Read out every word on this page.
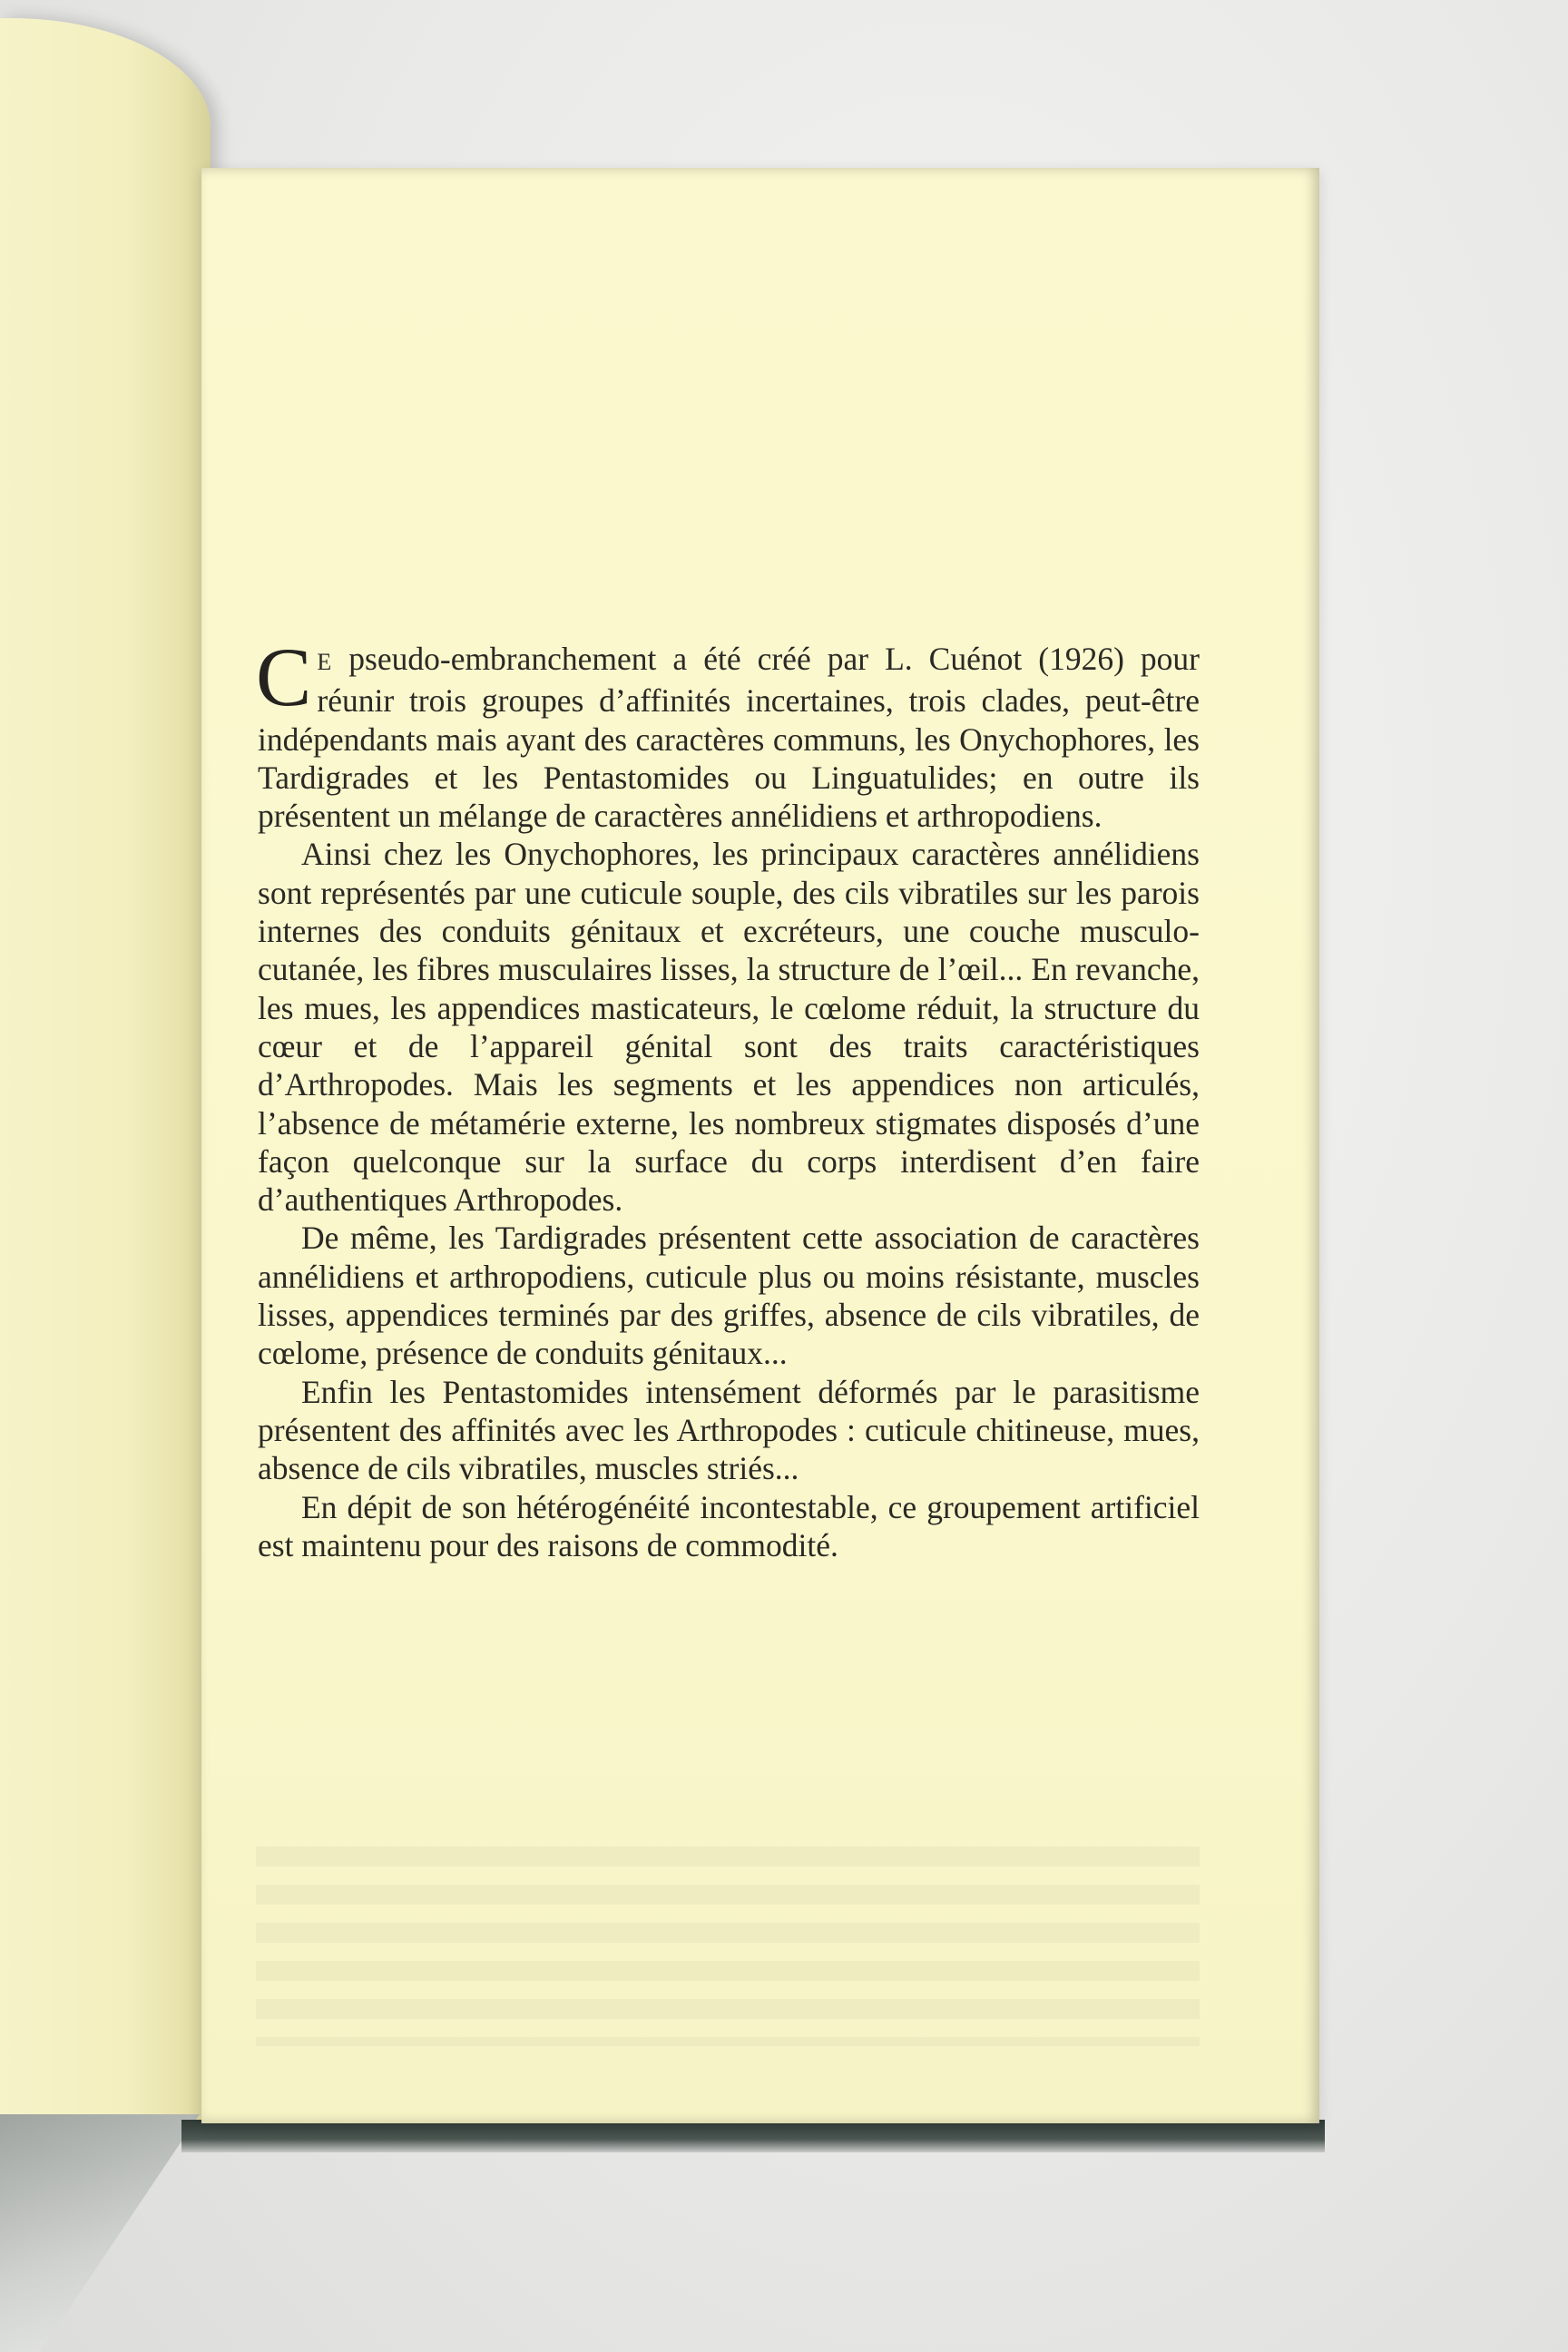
C E pseudo-embranchement a été créé par L. Cuénot (1926) pour réunir trois groupes d’affinités incertaines, trois clades, peut-être indépendants mais ayant des caractères communs, les Onychophores, les Tardigrades et les Pentastomides ou Linguatulides; en outre ils présentent un mélange de caractères annélidiens et arthropodiens.

Ainsi chez les Onychophores, les principaux caractères annélidiens sont représentés par une cuticule souple, des cils vibratiles sur les parois internes des conduits génitaux et excréteurs, une couche musculo-cutanée, les fibres musculaires lisses, la structure de l’œil... En revanche, les mues, les appendices masticateurs, le cœlome réduit, la structure du cœur et de l’appareil génital sont des traits caractéristiques d’Arthropodes. Mais les segments et les appendices non articulés, l’absence de métamérie externe, les nombreux stigmates disposés d’une façon quelconque sur la surface du corps interdisent d’en faire d’authentiques Arthropodes.

De même, les Tardigrades présentent cette association de caractères annélidiens et arthropodiens, cuticule plus ou moins résistante, muscles lisses, appendices terminés par des griffes, absence de cils vibratiles, de cœlome, présence de conduits génitaux...

Enfin les Pentastomides intensément déformés par le parasitisme présentent des affinités avec les Arthropodes : cuticule chitineuse, mues, absence de cils vibratiles, muscles striés...

En dépit de son hétérogénéité incontestable, ce groupement artificiel est maintenu pour des raisons de commodité.
